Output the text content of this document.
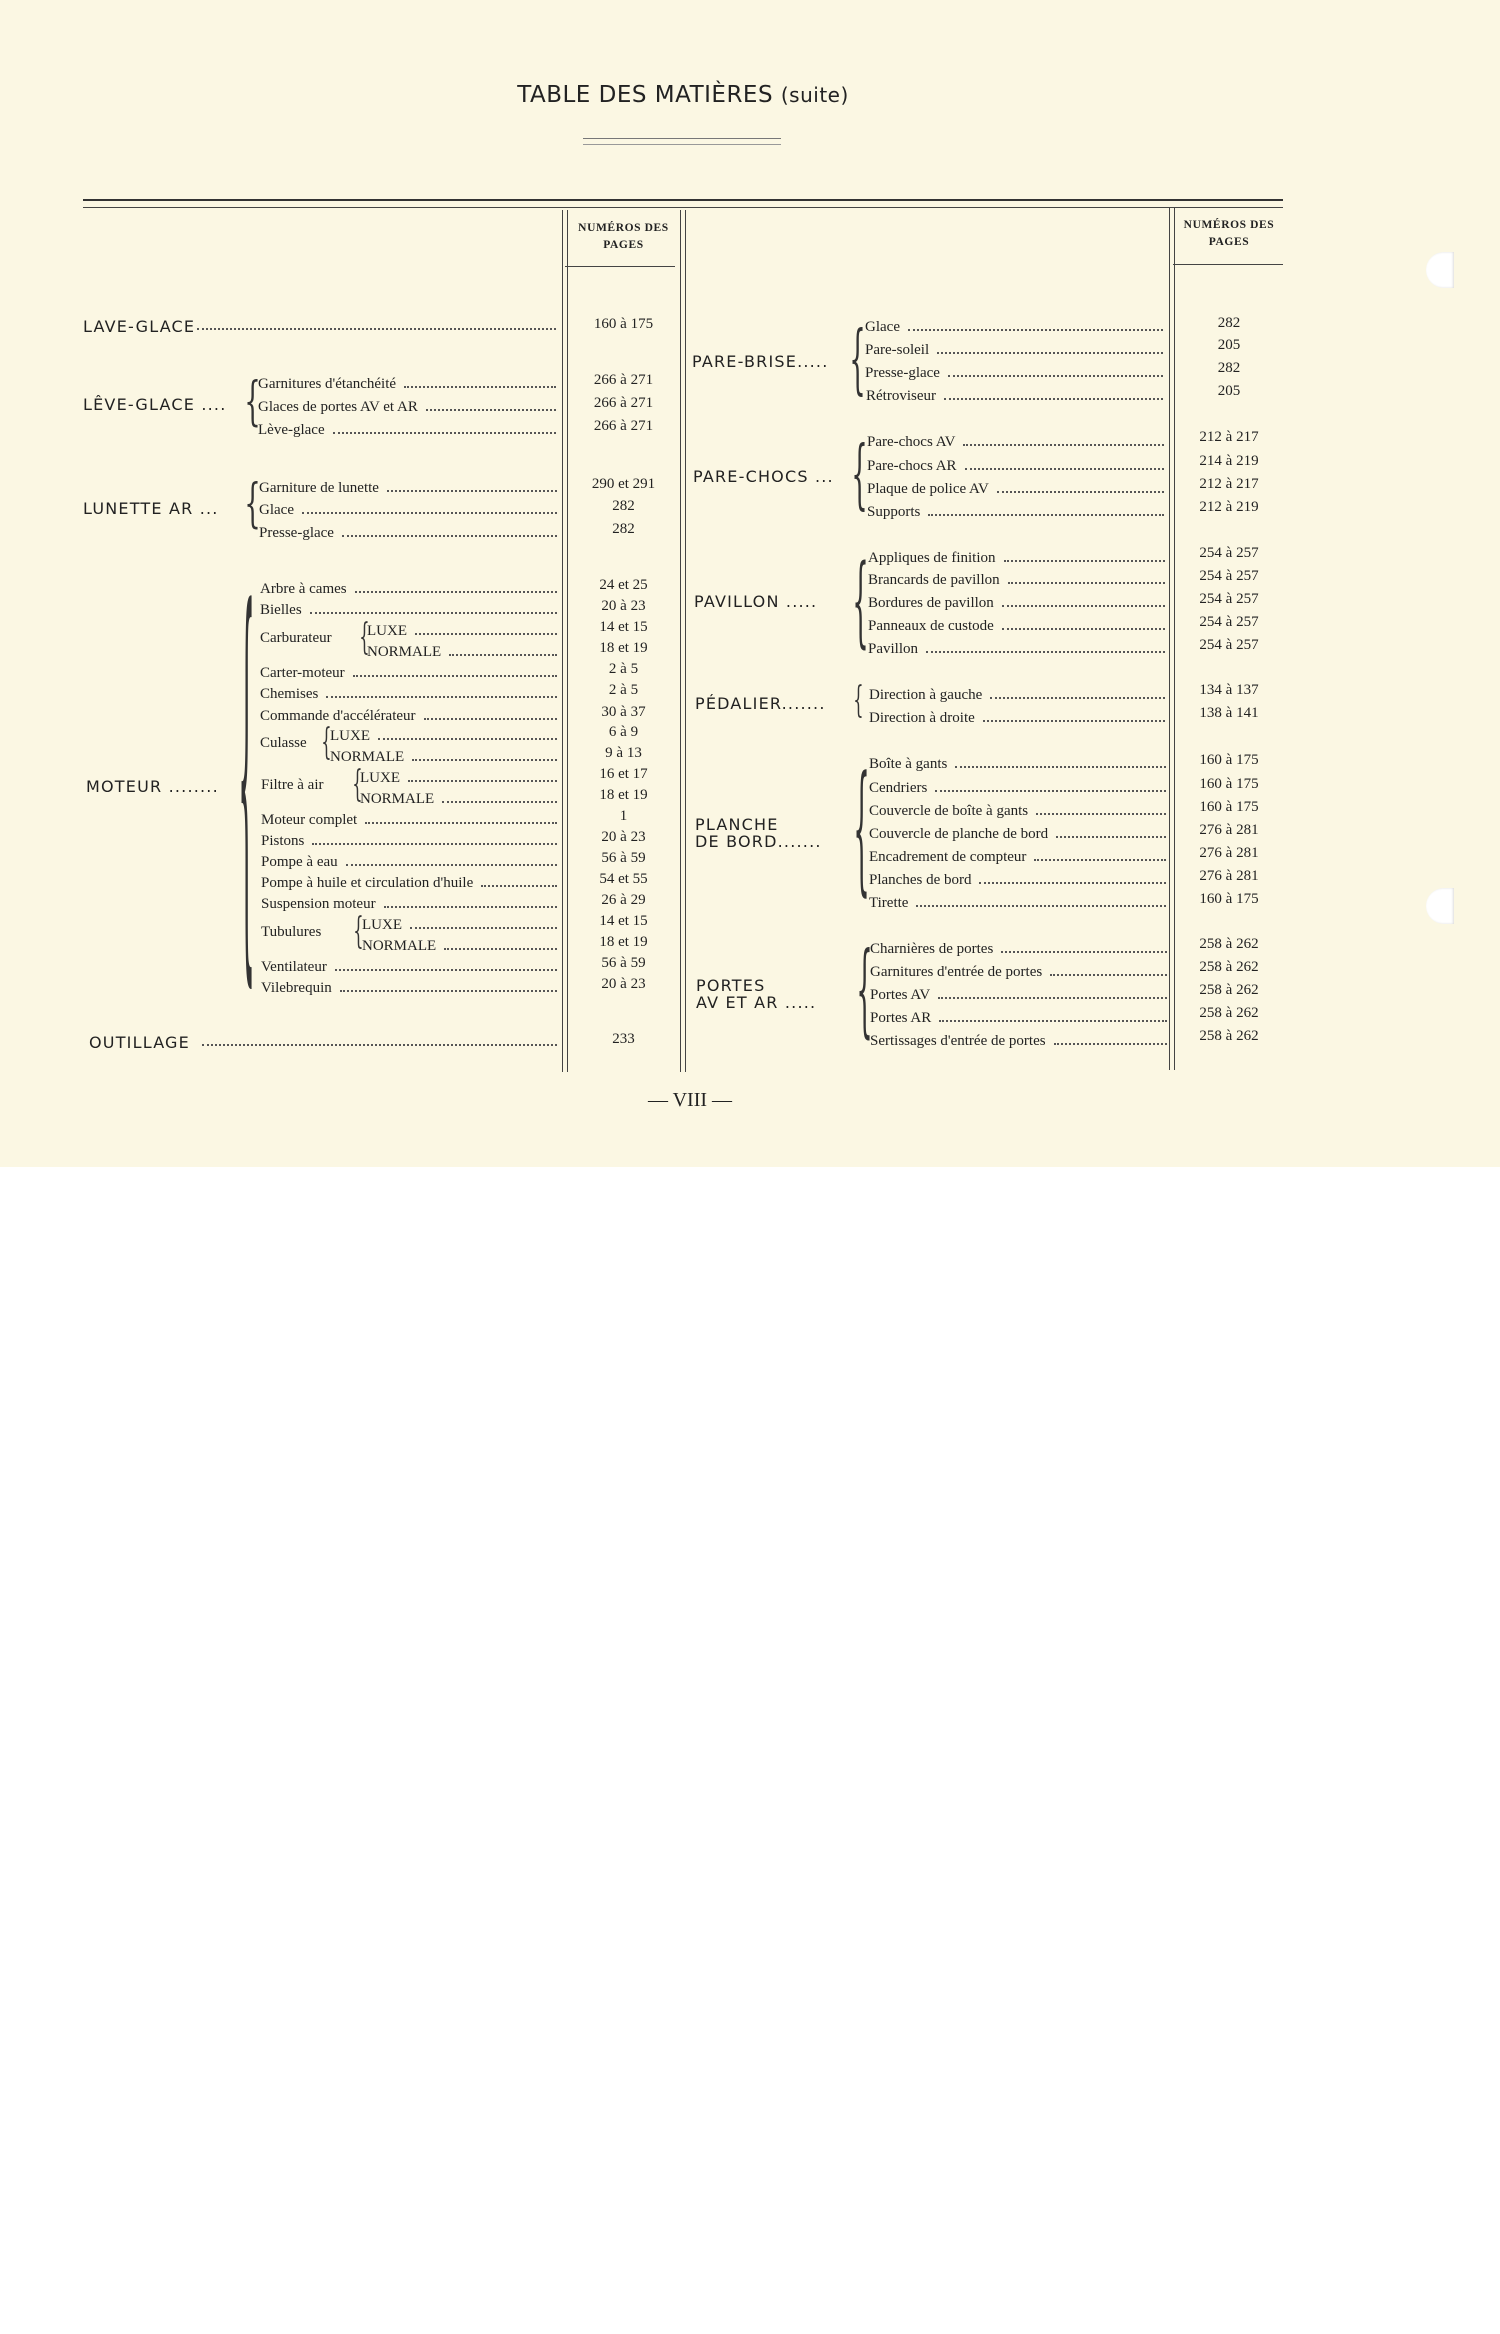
TABLE DES MATIÈRES (suite)
NUMÉROS DES PAGES
NUMÉROS DES PAGES
LAVE-GLACE	160 à 175
LÊVE-GLACE .... {
Garnitures d'étanchéité	266 à 271
Glaces de portes AV et AR	266 à 271
Lève-glace	266 à 271
LUNETTE AR ... {
Garniture de lunette	290 et 291
Glace	282
Presse-glace	282
MOTEUR ........ { Arbre à cames	24 et 25
Bielles	20 à 23
Carburateur {
LUXE	14 et 15
NORMALE	18 et 19
Carter-moteur	2 à 5
Chemises	2 à 5
Commande d'accélérateur	30 à 37
Culasse {
LUXE	6 à 9
NORMALE	9 à 13
Filtre à air {
LUXE	16 et 17
NORMALE	18 et 19
Moteur complet	1
Pistons	20 à 23
Pompe à eau	56 à 59
Pompe à huile et circulation d'huile	54 et 55
Suspension moteur	26 à 29
Tubulures {
LUXE	14 et 15
NORMALE	18 et 19
Ventilateur	56 à 59
Vilebrequin	20 à 23
OUTILLAGE	233
PARE-BRISE..... { Glace	282
Pare-soleil	205
Presse-glace	282
Rétroviseur	205
PARE-CHOCS ... { Pare-chocs AV	212 à 217
Pare-chocs AR	214 à 219
Plaque de police AV	212 à 217
Supports	212 à 219
PAVILLON ..... { Appliques de finition	254 à 257
Brancards de pavillon	254 à 257
Bordures de pavillon	254 à 257
Panneaux de custode	254 à 257
Pavillon	254 à 257
PÉDALIER....... { Direction à gauche	134 à 137
Direction à droite	138 à 141
PLANCHE
DE BORD....... { Boîte à gants	160 à 175
Cendriers	160 à 175
Couvercle de boîte à gants	160 à 175
Couvercle de planche de bord	276 à 281
Encadrement de compteur	276 à 281
Planches de bord	276 à 281
Tirette	160 à 175
PORTES
AV ET AR ..... {
Charnières de portes	258 à 262
Garnitures d'entrée de portes	258 à 262
Portes AV	258 à 262
Portes AR	258 à 262
Sertissages d'entrée de portes	258 à 262
— VIII —
